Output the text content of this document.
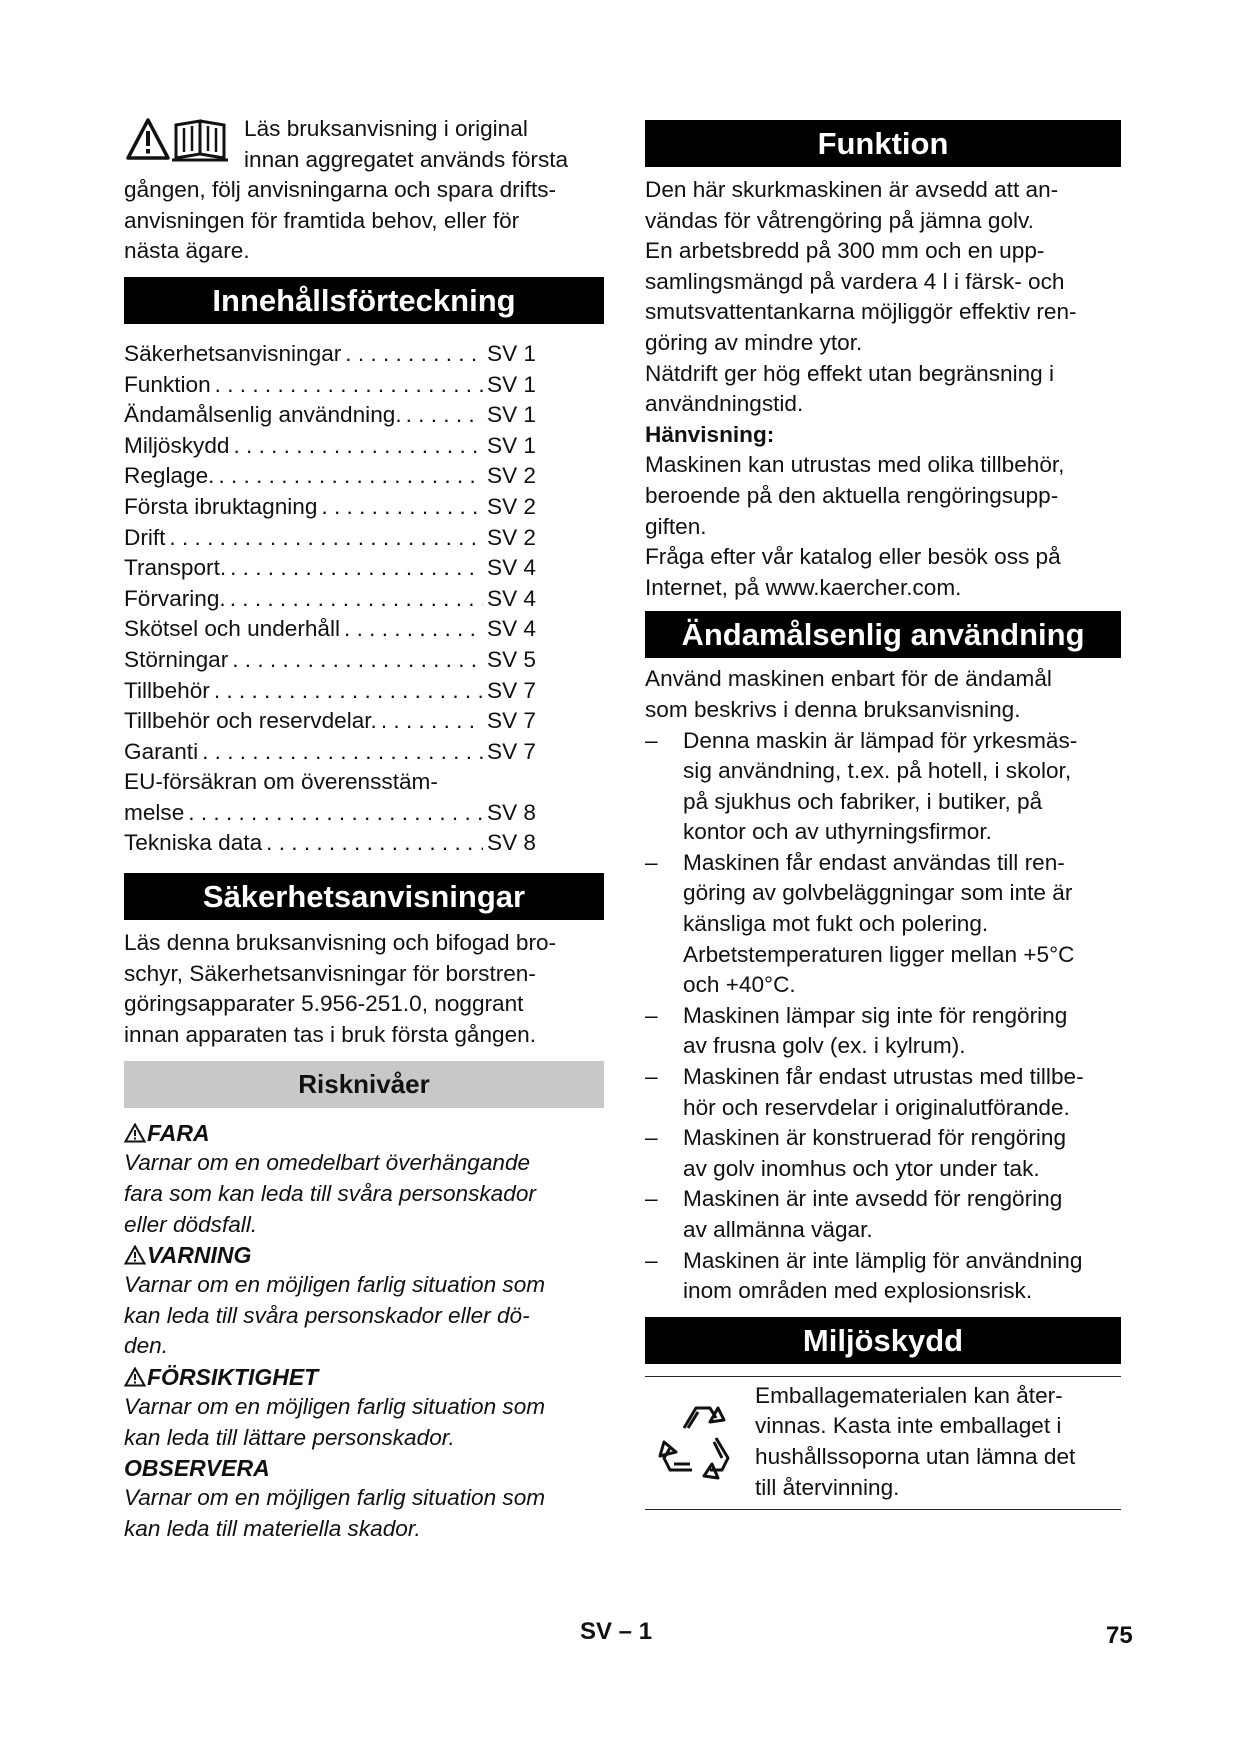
Läs bruksanvisning i original

innan aggregatet används första

gången, följ anvisningarna och spara drifts-

anvisningen för framtida behov, eller för

nästa ägare.

Innehållsförteckning
Säkerhetsanvisningar . . .	SV 1
Funktion . . .	SV 1
Ändamålsenlig användning. . . .	SV 1
Miljöskydd . . .	SV 1
Reglage. . . .	SV 2
Första ibruktagning . . .	SV 2
Drift . . .	SV 2
Transport. . . .	SV 4
Förvaring. . . .	SV 4
Skötsel och underhåll . . .	SV 4
Störningar . . .	SV 5
Tillbehör . . .	SV 7
Tillbehör och reservdelar. . . .	SV 7
Garanti . . .	SV 7
EU-försäkran om överensstäm-
melse . . .	SV 8
Tekniska data . . .	SV 8
Säkerhetsanvisningar

Läs denna bruksanvisning och bifogad bro-

schyr, Säkerhetsanvisningar för borstren-

göringsapparater 5.956-251.0, noggrant

innan apparaten tas i bruk första gången.

Risknivåer

FARA

Varnar om en omedelbart överhängande

fara som kan leda till svåra personskador

eller dödsfall.

VARNING

Varnar om en möjligen farlig situation som

kan leda till svåra personskador eller dö-

den.

FÖRSIKTIGHET

Varnar om en möjligen farlig situation som

kan leda till lättare personskador.

OBSERVERA

Varnar om en möjligen farlig situation som

kan leda till materiella skador.

Funktion

Den här skurkmaskinen är avsedd att an-

vändas för våtrengöring på jämna golv.

En arbetsbredd på 300 mm och en upp-

samlingsmängd på vardera 4 l i färsk- och

smutsvattentankarna möjliggör effektiv ren-

göring av mindre ytor.

Nätdrift ger hög effekt utan begränsning i

användningstid.

Hänvisning:

Maskinen kan utrustas med olika tillbehör,

beroende på den aktuella rengöringsupp-

giften.

Fråga efter vår katalog eller besök oss på

Internet, på www.kaercher.com.

Ändamålsenlig användning

Använd maskinen enbart för de ändamål

som beskrivs i denna bruksanvisning.

– Denna maskin är lämpad för yrkesmäs-
sig användning, t.ex. på hotell, i skolor,
på sjukhus och fabriker, i butiker, på
kontor och av uthyrningsfirmor.
– Maskinen får endast användas till ren-
göring av golvbeläggningar som inte är
känsliga mot fukt och polering.
Arbetstemperaturen ligger mellan +5°C
och +40°C.
– Maskinen lämpar sig inte för rengöring
av frusna golv (ex. i kylrum).
– Maskinen får endast utrustas med tillbe-
hör och reservdelar i originalutförande.
– Maskinen är konstruerad för rengöring
av golv inomhus och ytor under tak.
– Maskinen är inte avsedd för rengöring
av allmänna vägar.
– Maskinen är inte lämplig för användning
inom områden med explosionsrisk.
Miljöskydd

Emballagematerialen kan åter-

vinnas. Kasta inte emballaget i

hushållssoporna utan lämna det

till återvinning.

SV – 1	75
